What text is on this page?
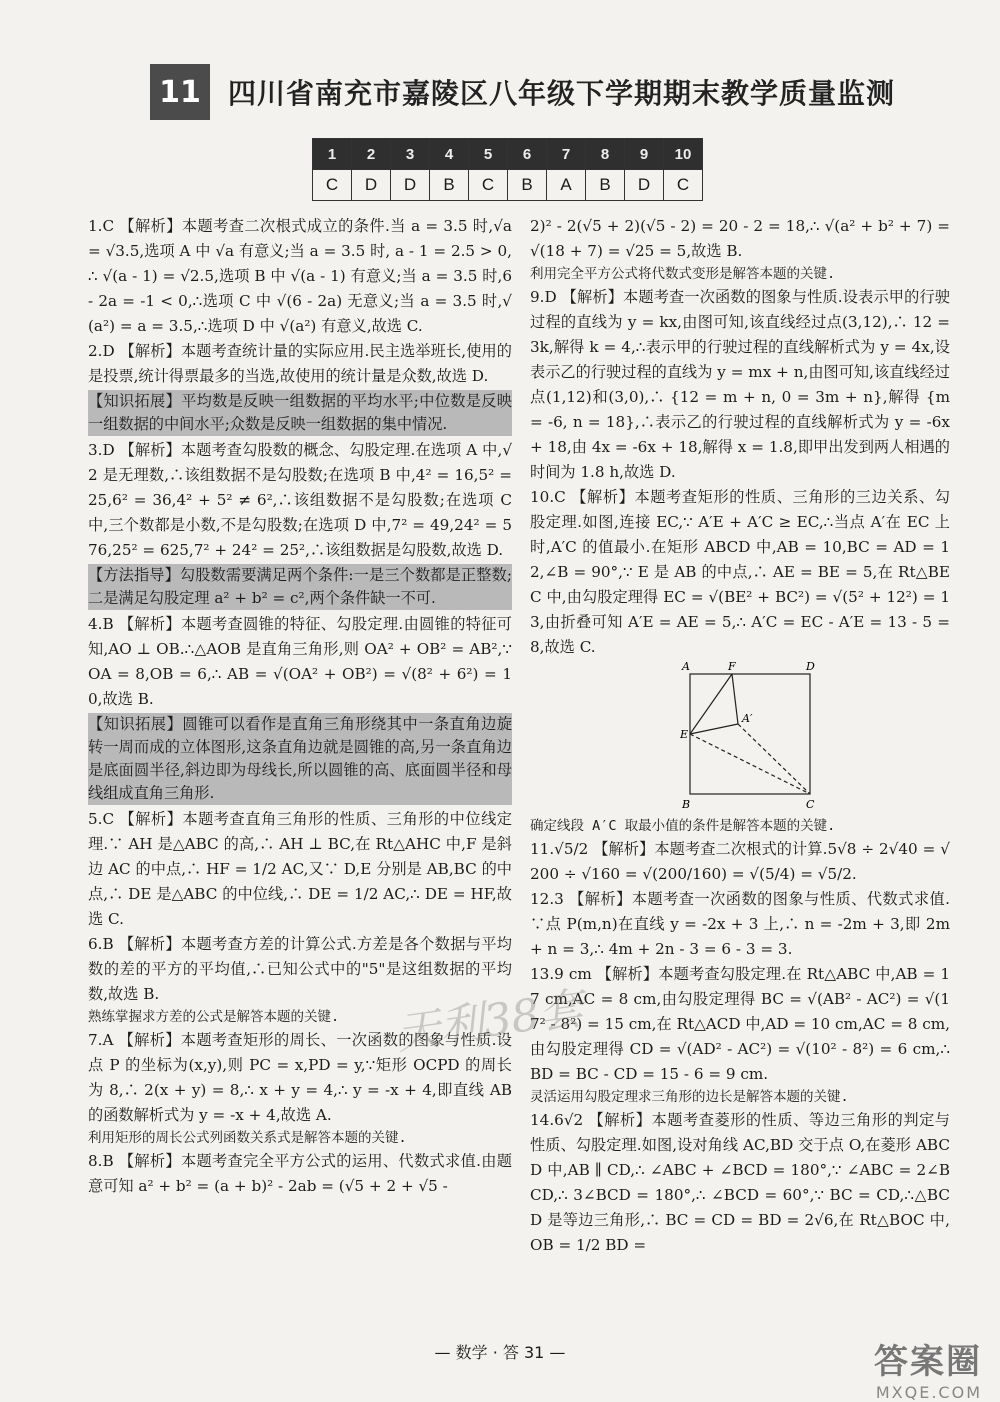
11 四川省南充市嘉陵区八年级下学期期末教学质量监测
1	2	3	4	5	6	7	8	9	10
C	D	D	B	C	B	A	B	D	C

1.C 【解析】本题考查二次根式成立的条件.当 a = 3.5 时,√a = √3.5,选项 A 中 √a 有意义;当 a = 3.5 时, a - 1 = 2.5 > 0,∴ √(a - 1) = √2.5,选项 B 中 √(a - 1) 有意义;当 a = 3.5 时,6 - 2a = -1 < 0,∴选项 C 中 √(6 - 2a) 无意义;当 a = 3.5 时,√(a²) = a = 3.5,∴选项 D 中 √(a²) 有意义,故选 C.

2.D 【解析】本题考查统计量的实际应用.民主选举班长,使用的是投票,统计得票最多的当选,故使用的统计量是众数,故选 D.

【知识拓展】平均数是反映一组数据的平均水平;中位数是反映一组数据的中间水平;众数是反映一组数据的集中情况.

3.D 【解析】本题考查勾股数的概念、勾股定理.在选项 A 中,√2 是无理数,∴该组数据不是勾股数;在选项 B 中,4² = 16,5² = 25,6² = 36,4² + 5² ≠ 6²,∴该组数据不是勾股数;在选项 C 中,三个数都是小数,不是勾股数;在选项 D 中,7² = 49,24² = 576,25² = 625,7² + 24² = 25²,∴该组数据是勾股数,故选 D.

【方法指导】勾股数需要满足两个条件:一是三个数都是正整数;二是满足勾股定理 a² + b² = c²,两个条件缺一不可.

4.B 【解析】本题考查圆锥的特征、勾股定理.由圆锥的特征可知,AO ⊥ OB.∴△AOB 是直角三角形,则 OA² + OB² = AB²,∵ OA = 8,OB = 6,∴ AB = √(OA² + OB²) = √(8² + 6²) = 10,故选 B.

【知识拓展】圆锥可以看作是直角三角形绕其中一条直角边旋转一周而成的立体图形,这条直角边就是圆锥的高,另一条直角边是底面圆半径,斜边即为母线长,所以圆锥的高、底面圆半径和母线组成直角三角形.

5.C 【解析】本题考查直角三角形的性质、三角形的中位线定理.∵ AH 是△ABC 的高,∴ AH ⊥ BC,在 Rt△AHC 中,F 是斜边 AC 的中点,∴ HF = 1/2 AC,又∵ D,E 分别是 AB,BC 的中点,∴ DE 是△ABC 的中位线,∴ DE = 1/2 AC,∴ DE = HF,故选 C.

6.B 【解析】本题考查方差的计算公式.方差是各个数据与平均数的差的平方的平均值,∴已知公式中的"5"是这组数据的平均数,故选 B.

熟练掌握求方差的公式是解答本题的关键.

7.A 【解析】本题考查矩形的周长、一次函数的图象与性质.设点 P 的坐标为(x,y),则 PC = x,PD = y,∵矩形 OCPD 的周长为 8,∴ 2(x + y) = 8,∴ x + y = 4,∴ y = -x + 4,即直线 AB 的函数解析式为 y = -x + 4,故选 A.

利用矩形的周长公式列函数关系式是解答本题的关键.

8.B 【解析】本题考查完全平方公式的运用、代数式求值.由题意可知 a² + b² = (a + b)² - 2ab = (√5 + 2 + √5 -

2)² - 2(√5 + 2)(√5 - 2) = 20 - 2 = 18,∴ √(a² + b² + 7) = √(18 + 7) = √25 = 5,故选 B.

利用完全平方公式将代数式变形是解答本题的关键.

9.D 【解析】本题考查一次函数的图象与性质.设表示甲的行驶过程的直线为 y = kx,由图可知,该直线经过点(3,12),∴ 12 = 3k,解得 k = 4,∴表示甲的行驶过程的直线解析式为 y = 4x,设表示乙的行驶过程的直线为 y = mx + n,由图可知,该直线经过点(1,12)和(3,0),∴ {12 = m + n, 0 = 3m + n},解得 {m = -6, n = 18},∴表示乙的行驶过程的直线解析式为 y = -6x + 18,由 4x = -6x + 18,解得 x = 1.8,即甲出发到两人相遇的时间为 1.8 h,故选 D.

10.C 【解析】本题考查矩形的性质、三角形的三边关系、勾股定理.如图,连接 EC,∵ A′E + A′C ≥ EC,∴当点 A′在 EC 上时,A′C 的值最小.在矩形 ABCD 中,AB = 10,BC = AD = 12,∠B = 90°,∵ E 是 AB 的中点,∴ AE = BE = 5,在 Rt△BEC 中,由勾股定理得 EC = √(BE² + BC²) = √(5² + 12²) = 13,由折叠可知 A′E = AE = 5,∴ A′C = EC - A′E = 13 - 5 = 8,故选 C.

A	F	D
A′
E
B	C

确定线段 A′C 取最小值的条件是解答本题的关键.

11.√5/2 【解析】本题考查二次根式的计算.5√8 ÷ 2√40 = √200 ÷ √160 = √(200/160) = √(5/4) = √5/2.

12.3 【解析】本题考查一次函数的图象与性质、代数式求值.∵点 P(m,n)在直线 y = -2x + 3 上,∴ n = -2m + 3,即 2m + n = 3,∴ 4m + 2n - 3 = 6 - 3 = 3.

13.9 cm 【解析】本题考查勾股定理.在 Rt△ABC 中,AB = 17 cm,AC = 8 cm,由勾股定理得 BC = √(AB² - AC²) = √(17² - 8²) = 15 cm,在 Rt△ACD 中,AD = 10 cm,AC = 8 cm,由勾股定理得 CD = √(AD² - AC²) = √(10² - 8²) = 6 cm,∴ BD = BC - CD = 15 - 6 = 9 cm.

灵活运用勾股定理求三角形的边长是解答本题的关键.

14.6√2 【解析】本题考查菱形的性质、等边三角形的判定与性质、勾股定理.如图,设对角线 AC,BD 交于点 O,在菱形 ABCD 中,AB ∥ CD,∴ ∠ABC + ∠BCD = 180°,∵ ∠ABC = 2∠BCD,∴ 3∠BCD = 180°,∴ ∠BCD = 60°,∵ BC = CD,∴△BCD 是等边三角形,∴ BC = CD = BD = 2√6,在 Rt△BOC 中,OB = 1/2 BD =

天利38套
— 数学 · 答 31 —	答案圈
MXQE.COM
